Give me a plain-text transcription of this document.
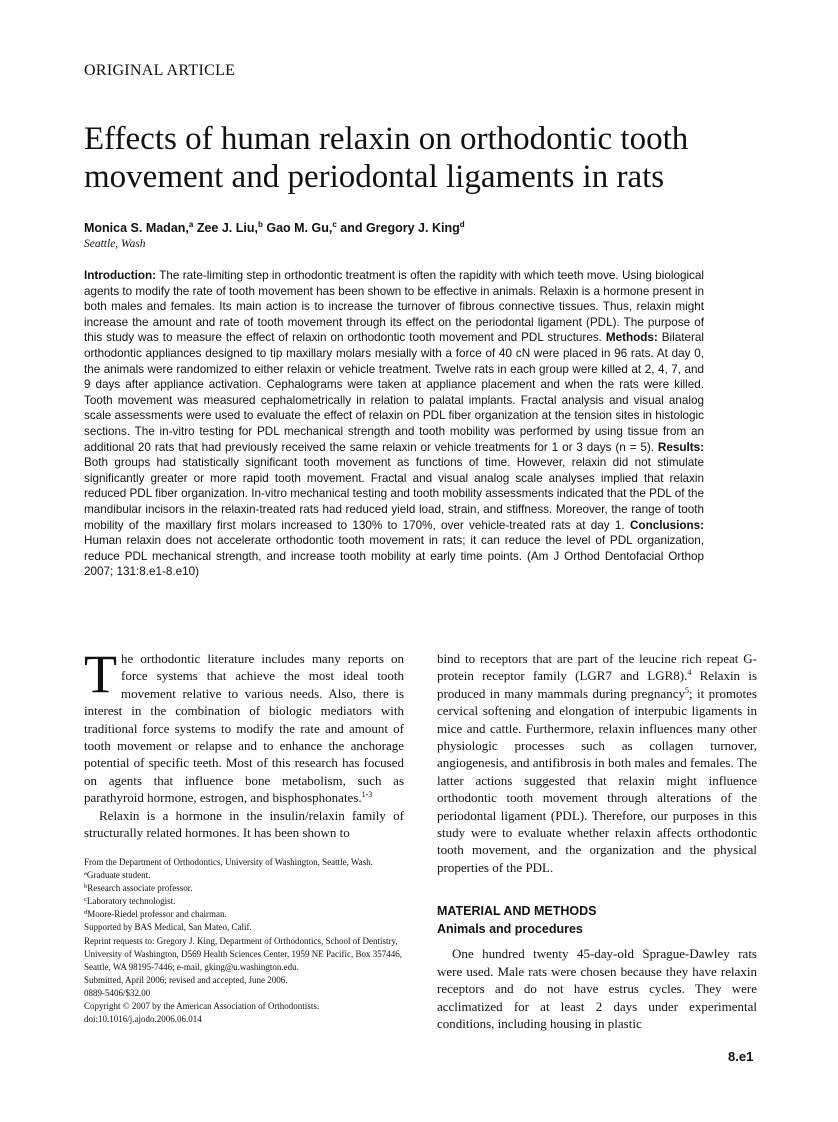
ORIGINAL ARTICLE
Effects of human relaxin on orthodontic tooth movement and periodontal ligaments in rats
Monica S. Madan,$^a$ Zee J. Liu,$^b$ Gao M. Gu,$^c$ and Gregory J. King$^d$
Seattle, Wash

Introduction: The rate-limiting step in orthodontic treatment is often the rapidity with which teeth move. Using biological agents to modify the rate of tooth movement has been shown to be effective in animals. Relaxin is a hormone present in both males and females. Its main action is to increase the turnover of fibrous connective tissues. Thus, relaxin might increase the amount and rate of tooth movement through its effect on the periodontal ligament (PDL). The purpose of this study was to measure the effect of relaxin on orthodontic tooth movement and PDL structures. Methods: Bilateral orthodontic appliances designed to tip maxillary molars mesially with a force of 40 cN were placed in 96 rats. At day 0, the animals were randomized to either relaxin or vehicle treatment. Twelve rats in each group were killed at 2, 4, 7, and 9 days after appliance activation. Cephalograms were taken at appliance placement and when the rats were killed. Tooth movement was measured cephalometrically in relation to palatal implants. Fractal analysis and visual analog scale assessments were used to evaluate the effect of relaxin on PDL fiber organization at the tension sites in histologic sections. The in-vitro testing for PDL mechanical strength and tooth mobility was performed by using tissue from an additional 20 rats that had previously received the same relaxin or vehicle treatments for 1 or 3 days (n = 5). Results: Both groups had statistically significant tooth movement as functions of time. However, relaxin did not stimulate significantly greater or more rapid tooth movement. Fractal and visual analog scale analyses implied that relaxin reduced PDL fiber organization. In-vitro mechanical testing and tooth mobility assessments indicated that the PDL of the mandibular incisors in the relaxin-treated rats had reduced yield load, strain, and stiffness. Moreover, the range of tooth mobility of the maxillary first molars increased to 130% to 170%, over vehicle-treated rats at day 1. Conclusions: Human relaxin does not accelerate orthodontic tooth movement in rats; it can reduce the level of PDL organization, reduce PDL mechanical strength, and increase tooth mobility at early time points. (Am J Orthod Dentofacial Orthop 2007; 131:8.e1-8.e10)

The orthodontic literature includes many reports on force systems that achieve the most ideal tooth movement relative to various needs. Also, there is interest in the combination of biologic mediators with traditional force systems to modify the rate and amount of tooth movement or relapse and to enhance the anchorage potential of specific teeth. Most of this research has focused on agents that influence bone metabolism, such as parathyroid hormone, estrogen, and bisphosphonates.$^{1-3}$

Relaxin is a hormone in the insulin/relaxin family of structurally related hormones. It has been shown to

From the Department of Orthodontics, University of Washington, Seattle, Wash.
$^a$Graduate student.
$^b$Research associate professor.
$^c$Laboratory technologist.
$^d$Moore-Riedel professor and chairman.
Supported by BAS Medical, San Mateo, Calif.
Reprint requests to: Gregory J. King, Department of Orthodontics, School of Dentistry, University of Washington, D569 Health Sciences Center, 1959 NE Pacific, Box 357446, Seattle, WA 98195-7446; e-mail, gking@u.washington.edu.
Submitted, April 2006; revised and accepted, June 2006.
0889-5406/$32.00
Copyright © 2007 by the American Association of Orthodontists.
doi:10.1016/j.ajodo.2006.06.014

bind to receptors that are part of the leucine rich repeat G-protein receptor family (LGR7 and LGR8).$^4$ Relaxin is produced in many mammals during pregnancy$^5$; it promotes cervical softening and elongation of interpubic ligaments in mice and cattle. Furthermore, relaxin influences many other physiologic processes such as collagen turnover, angiogenesis, and antifibrosis in both males and females. The latter actions suggested that relaxin might influence orthodontic tooth movement through alterations of the periodontal ligament (PDL). Therefore, our purposes in this study were to evaluate whether relaxin affects orthodontic tooth movement, and the organization and the physical properties of the PDL.

MATERIAL AND METHODS
Animals and procedures

One hundred twenty 45-day-old Sprague-Dawley rats were used. Male rats were chosen because they have relaxin receptors and do not have estrus cycles. They were acclimatized for at least 2 days under experimental conditions, including housing in plastic

8.e1
